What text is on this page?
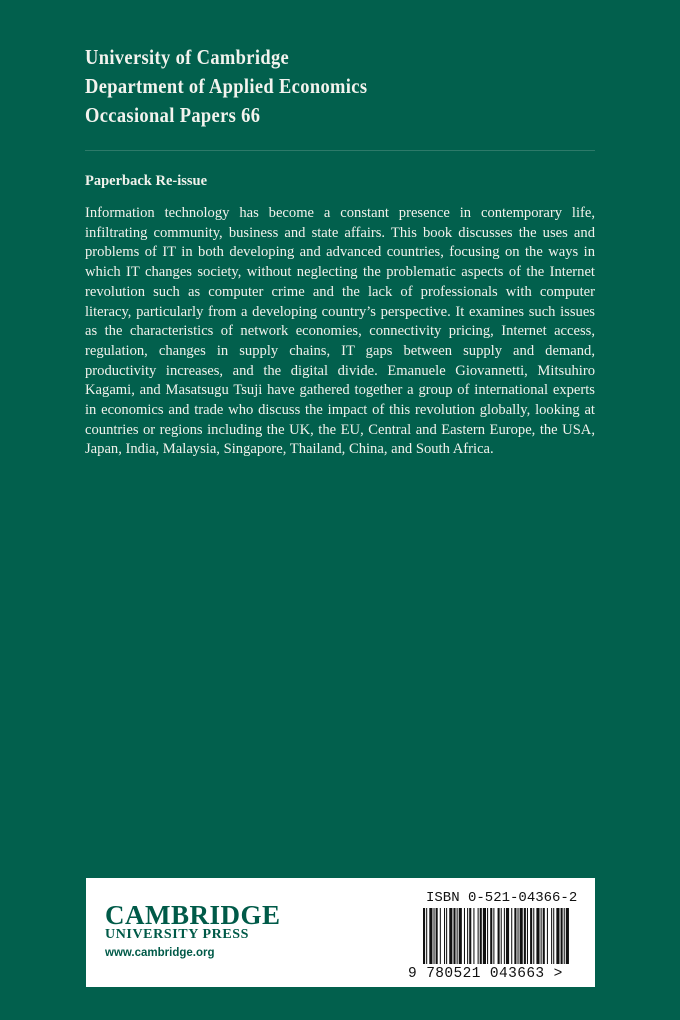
University of Cambridge
Department of Applied Economics
Occasional Papers 66
Paperback Re-issue

Information technology has become a constant presence in contemporary life, infiltrating community, business and state affairs. This book discusses the uses and problems of IT in both developing and advanced countries, focusing on the ways in which IT changes society, without neglecting the problematic aspects of the Internet revolution such as computer crime and the lack of professionals with computer literacy, particularly from a developing country’s perspective. It examines such issues as the characteristics of network economies, connectivity pricing, Internet access, regulation, changes in supply chains, IT gaps between supply and demand, productivity increases, and the digital divide. Emanuele Giovannetti, Mitsuhiro Kagami, and Masatsugu Tsuji have gathered together a group of international experts in economics and trade who discuss the impact of this revolution globally, looking at countries or regions including the UK, the EU, Central and Eastern Europe, the USA, Japan, India, Malaysia, Singapore, Thailand, China, and South Africa.

CAMBRIDGE
UNIVERSITY PRESS
www.cambridge.org
ISBN 0-521-04366-2
9 780521 043663 >
